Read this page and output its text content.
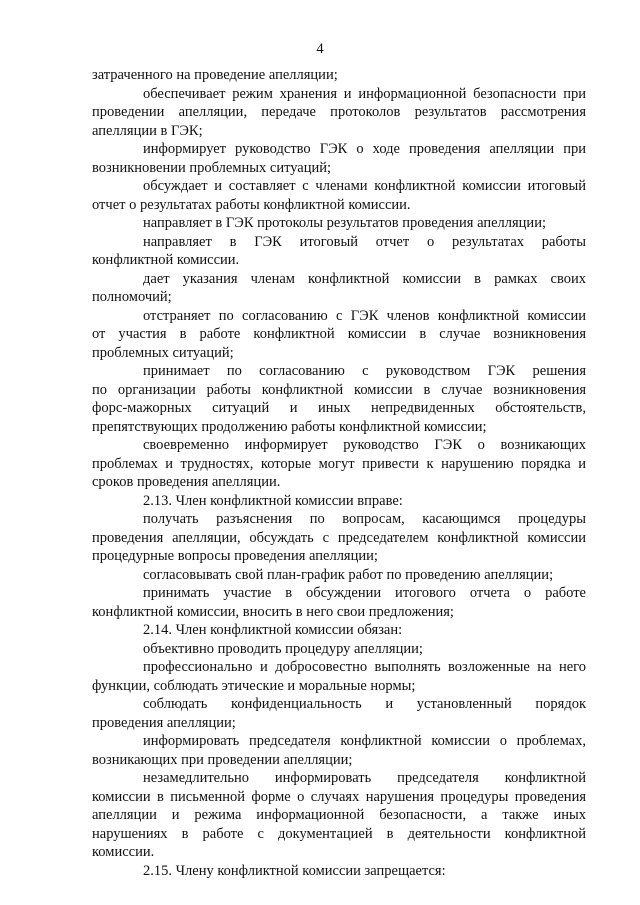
4
затраченного на проведение апелляции;
обеспечивает режим хранения и информационной безопасности при
проведении апелляции, передаче протоколов результатов рассмотрения
апелляции в ГЭК;
информирует руководство ГЭК о ходе проведения апелляции при
возникновении проблемных ситуаций;
обсуждает и составляет с членами конфликтной комиссии итоговый
отчет о результатах работы конфликтной комиссии.
направляет в ГЭК протоколы результатов проведения апелляции;
направляет в ГЭК итоговый отчет о результатах работы
конфликтной комиссии.
дает указания членам конфликтной комиссии в рамках своих
полномочий;
отстраняет по согласованию с ГЭК членов конфликтной комиссии
от участия в работе конфликтной комиссии в случае возникновения
проблемных ситуаций;
принимает по согласованию с руководством ГЭК решения
по организации работы конфликтной комиссии в случае возникновения
форс-мажорных ситуаций и иных непредвиденных обстоятельств,
препятствующих продолжению работы конфликтной комиссии;
своевременно информирует руководство ГЭК о возникающих
проблемах и трудностях, которые могут привести к нарушению порядка и
сроков проведения апелляции.
2.13. Член конфликтной комиссии вправе:
получать разъяснения по вопросам, касающимся процедуры
проведения апелляции, обсуждать с председателем конфликтной комиссии
процедурные вопросы проведения апелляции;
согласовывать свой план-график работ по проведению апелляции;
принимать участие в обсуждении итогового отчета о работе
конфликтной комиссии, вносить в него свои предложения;
2.14. Член конфликтной комиссии обязан:
объективно проводить процедуру апелляции;
профессионально и добросовестно выполнять возложенные на него
функции, соблюдать этические и моральные нормы;
соблюдать конфиденциальность и установленный порядок
проведения апелляции;
информировать председателя конфликтной комиссии о проблемах,
возникающих при проведении апелляции;
незамедлительно информировать председателя конфликтной
комиссии в письменной форме о случаях нарушения процедуры проведения
апелляции и режима информационной безопасности, а также иных
нарушениях в работе с документацией в деятельности конфликтной
комиссии.
2.15. Члену конфликтной комиссии запрещается:
